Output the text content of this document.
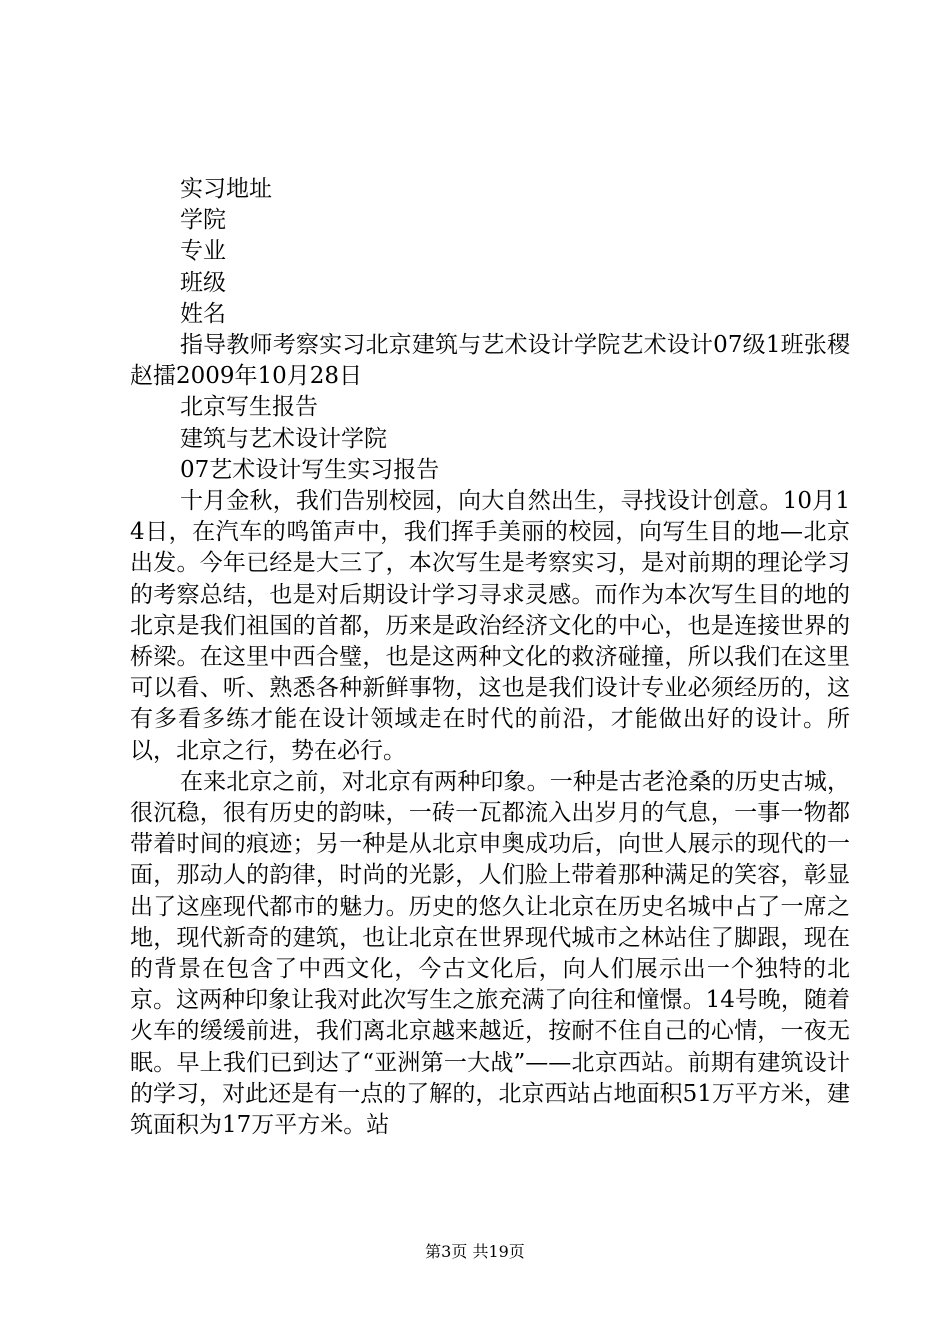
实习地址

学院

专业

班级

姓名

指导教师考察实习北京建筑与艺术设计学院艺术设计07级1班张稷赵擂2009年10月28日

北京写生报告

建筑与艺术设计学院

07艺术设计写生实习报告

十月金秋，我们告别校园，向大自然出生，寻找设计创意。10月14日，在汽车的鸣笛声中，我们挥手美丽的校园，向写生目的地—北京出发。今年已经是大三了，本次写生是考察实习，是对前期的理论学习的考察总结，也是对后期设计学习寻求灵感。而作为本次写生目的地的北京是我们祖国的首都，历来是政治经济文化的中心，也是连接世界的桥梁。在这里中西合璧，也是这两种文化的救济碰撞，所以我们在这里可以看、听、熟悉各种新鲜事物，这也是我们设计专业必须经历的，这有多看多练才能在设计领域走在时代的前沿，才能做出好的设计。所以，北京之行，势在必行。

在来北京之前，对北京有两种印象。一种是古老沧桑的历史古城，很沉稳，很有历史的韵味，一砖一瓦都流入出岁月的气息，一事一物都带着时间的痕迹；另一种是从北京申奥成功后，向世人展示的现代的一面，那动人的韵律，时尚的光影，人们脸上带着那种满足的笑容，彰显出了这座现代都市的魅力。历史的悠久让北京在历史名城中占了一席之地，现代新奇的建筑，也让北京在世界现代城市之林站住了脚跟，现在的背景在包含了中西文化，今古文化后，向人们展示出一个独特的北京。这两种印象让我对此次写生之旅充满了向往和憧憬。14号晚，随着火车的缓缓前进，我们离北京越来越近，按耐不住自己的心情，一夜无眠。早上我们已到达了“亚洲第一大战”——北京西站。前期有建筑设计的学习，对此还是有一点的了解的，北京西站占地面积51万平方米，建筑面积为17万平方米。站

第3页 共19页
